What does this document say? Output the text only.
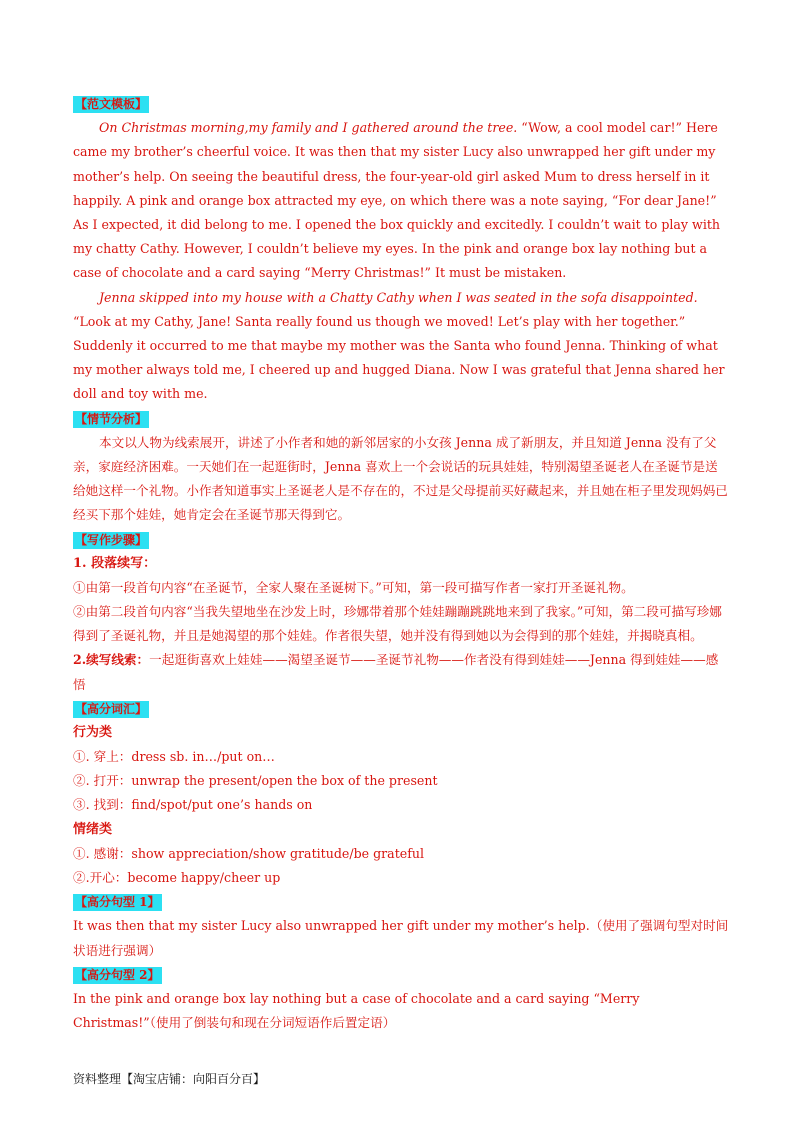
【范文模板】

On Christmas morning,my family and I gathered around the tree. “Wow, a cool model car!” Here came my brother’s cheerful voice. It was then that my sister Lucy also unwrapped her gift under my mother’s help. On seeing the beautiful dress, the four-year-old girl asked Mum to dress herself in it happily. A pink and orange box attracted my eye, on which there was a note saying, “For dear Jane!” As I expected, it did belong to me. I opened the box quickly and excitedly. I couldn’t wait to play with my chatty Cathy. However, I couldn’t believe my eyes. In the pink and orange box lay nothing but a case of chocolate and a card saying “Merry Christmas!” It must be mistaken.

Jenna skipped into my house with a Chatty Cathy when I was seated in the sofa disappointed. “Look at my Cathy, Jane! Santa really found us though we moved! Let’s play with her together.” Suddenly it occurred to me that maybe my mother was the Santa who found Jenna. Thinking of what my mother always told me, I cheered up and hugged Diana. Now I was grateful that Jenna shared her doll and toy with me.

【情节分析】

本文以人物为线索展开，讲述了小作者和她的新邻居家的小女孩 Jenna 成了新朋友，并且知道 Jenna 没有了父亲，家庭经济困难。一天她们在一起逛街时，Jenna 喜欢上一个会说话的玩具娃娃，特别渴望圣诞老人在圣诞节是送给她这样一个礼物。小作者知道事实上圣诞老人是不存在的，不过是父母提前买好藏起来，并且她在柜子里发现妈妈已经买下那个娃娃，她肯定会在圣诞节那天得到它。

【写作步骤】

1. 段落续写：

①由第一段首句内容“在圣诞节，全家人聚在圣诞树下。”可知，第一段可描写作者一家打开圣诞礼物。

②由第二段首句内容“当我失望地坐在沙发上时，珍娜带着那个娃娃蹦蹦跳跳地来到了我家。”可知，第二段可描写珍娜得到了圣诞礼物，并且是她渴望的那个娃娃。作者很失望，她并没有得到她以为会得到的那个娃娃，并揭晓真相。

2.续写线索：一起逛街喜欢上娃娃——渴望圣诞节——圣诞节礼物——作者没有得到娃娃——Jenna 得到娃娃——感悟

【高分词汇】

行为类

①. 穿上：dress sb. in…/put on…

②. 打开：unwrap the present/open the box of the present

③. 找到：find/spot/put one’s hands on

情绪类

①. 感谢：show appreciation/show gratitude/be grateful

②.开心：become happy/cheer up

【高分句型 1】

It was then that my sister Lucy also unwrapped her gift under my mother’s help.（使用了强调句型对时间状语进行强调）

【高分句型 2】

In the pink and orange box lay nothing but a case of chocolate and a card saying “Merry Christmas!”（使用了倒装句和现在分词短语作后置定语）

资料整理【淘宝店铺：向阳百分百】
